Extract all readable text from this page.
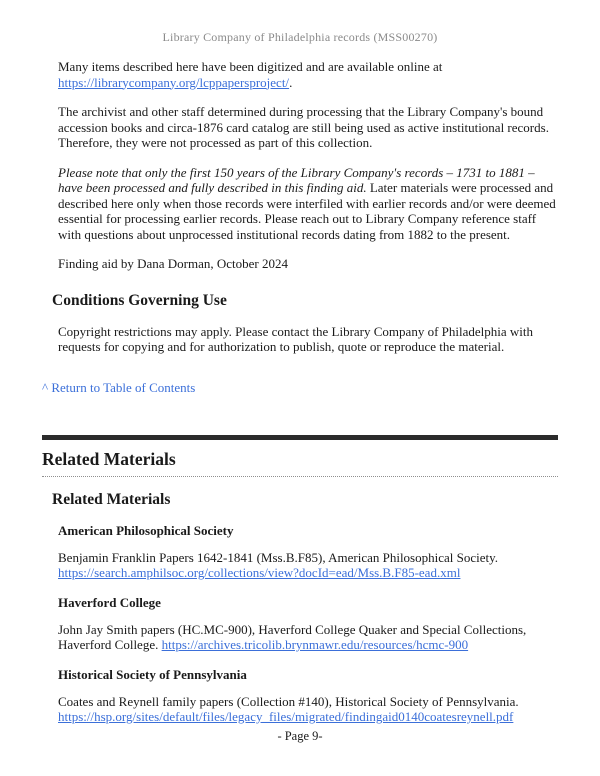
Library Company of Philadelphia records (MSS00270)

Many items described here have been digitized and are available online at https://librarycompany.org/lcppapersproject/.

The archivist and other staff determined during processing that the Library Company's bound accession books and circa-1876 card catalog are still being used as active institutional records. Therefore, they were not processed as part of this collection.

Please note that only the first 150 years of the Library Company's records – 1731 to 1881 – have been processed and fully described in this finding aid. Later materials were processed and described here only when those records were interfiled with earlier records and/or were deemed essential for processing earlier records. Please reach out to Library Company reference staff with questions about unprocessed institutional records dating from 1882 to the present.

Finding aid by Dana Dorman, October 2024

Conditions Governing Use

Copyright restrictions may apply. Please contact the Library Company of Philadelphia with requests for copying and for authorization to publish, quote or reproduce the material.

^ Return to Table of Contents
Related Materials
Related Materials
American Philosophical Society

Benjamin Franklin Papers 1642-1841 (Mss.B.F85), American Philosophical Society. https://search.amphilsoc.org/collections/view?docId=ead/Mss.B.F85-ead.xml

Haverford College

John Jay Smith papers (HC.MC-900), Haverford College Quaker and Special Collections, Haverford College. https://archives.tricolib.brynmawr.edu/resources/hcmc-900

Historical Society of Pennsylvania

Coates and Reynell family papers (Collection #140), Historical Society of Pennsylvania. https://hsp.org/sites/default/files/legacy_files/migrated/findingaid0140coatesreynell.pdf

- Page 9-
